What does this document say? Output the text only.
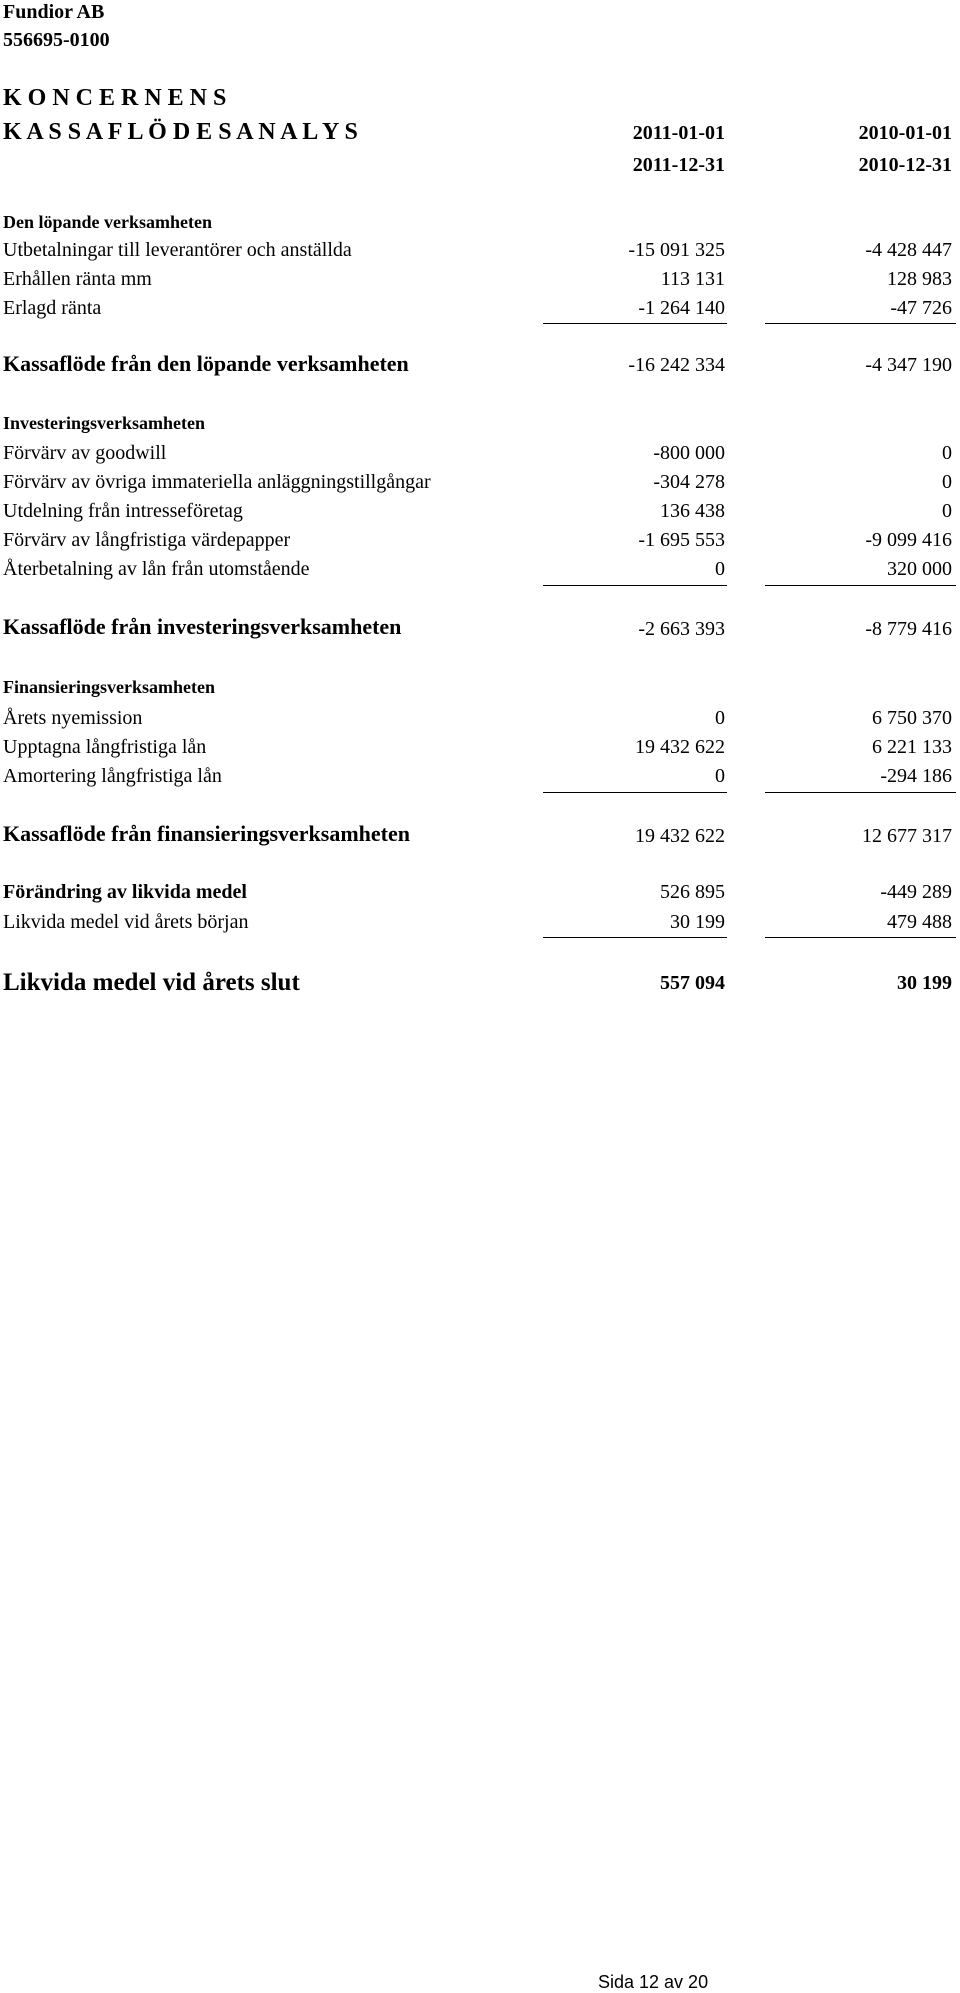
Fundior AB
556695-0100
K O N C E R N E N S
K A S S A F L Ö D E S A N A L Y S	2011-01-01	2010-01-01
2011-12-31	2010-12-31
Den löpande verksamheten
Utbetalningar till leverantörer och anställda	-15 091 325	-4 428 447
Erhållen ränta mm	113 131	128 983
Erlagd ränta	-1 264 140	-47 726
Kassaflöde från den löpande verksamheten	-16 242 334	-4 347 190
Investeringsverksamheten
Förvärv av goodwill	-800 000	0
Förvärv av övriga immateriella anläggningstillgångar	-304 278	0
Utdelning från intresseföretag	136 438	0
Förvärv av långfristiga värdepapper	-1 695 553	-9 099 416
Återbetalning av lån från utomstående	0	320 000
Kassaflöde från investeringsverksamheten	-2 663 393	-8 779 416
Finansieringsverksamheten
Årets nyemission	0	6 750 370
Upptagna långfristiga lån	19 432 622	6 221 133
Amortering långfristiga lån	0	-294 186
Kassaflöde från finansieringsverksamheten	19 432 622	12 677 317
Förändring av likvida medel	526 895	-449 289
Likvida medel vid årets början	30 199	479 488
Likvida medel vid årets slut	557 094	30 199
Sida 12 av 20
